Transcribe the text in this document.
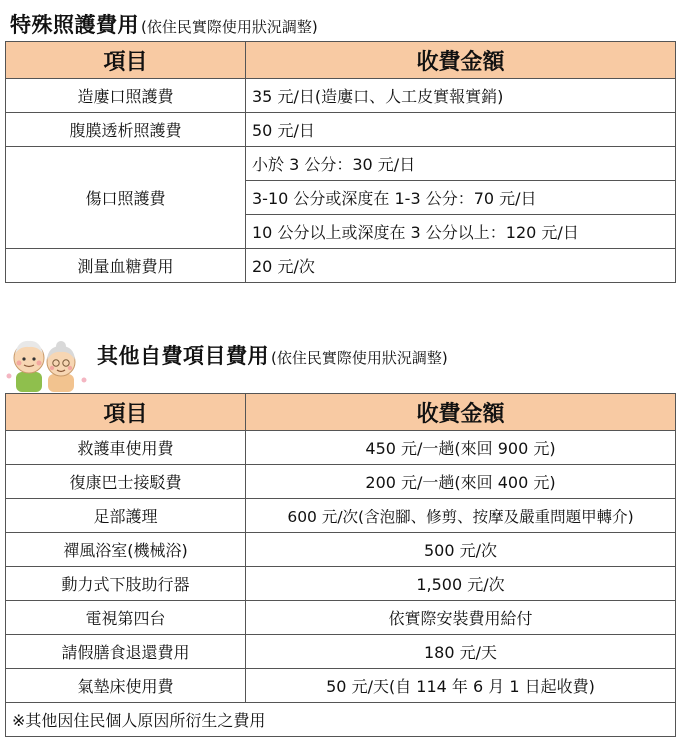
特殊照護費用 (依住民實際使用狀況調整)
項目	收費金額
造廔口照護費	35 元/日(造廔口、人工皮實報實銷)
腹膜透析照護費	50 元/日
傷口照護費	小於 3 公分：30 元/日
	3-10 公分或深度在 1-3 公分：70 元/日
	10 公分以上或深度在 3 公分以上：120 元/日
測量血糖費用	20 元/次
其他自費項目費用 (依住民實際使用狀況調整)
項目	收費金額
救護車使用費	450 元/一趟(來回 900 元)
復康巴士接駁費	200 元/一趟(來回 400 元)
足部護理	600 元/次(含泡腳、修剪、按摩及嚴重問題甲轉介)
禪風浴室(機械浴)	500 元/次
動力式下肢助行器	1,500 元/次
電視第四台	依實際安裝費用給付
請假膳食退還費用	180 元/天
氣墊床使用費	50 元/天(自 114 年 6 月 1 日起收費)
※其他因住民個人原因所衍生之費用	
